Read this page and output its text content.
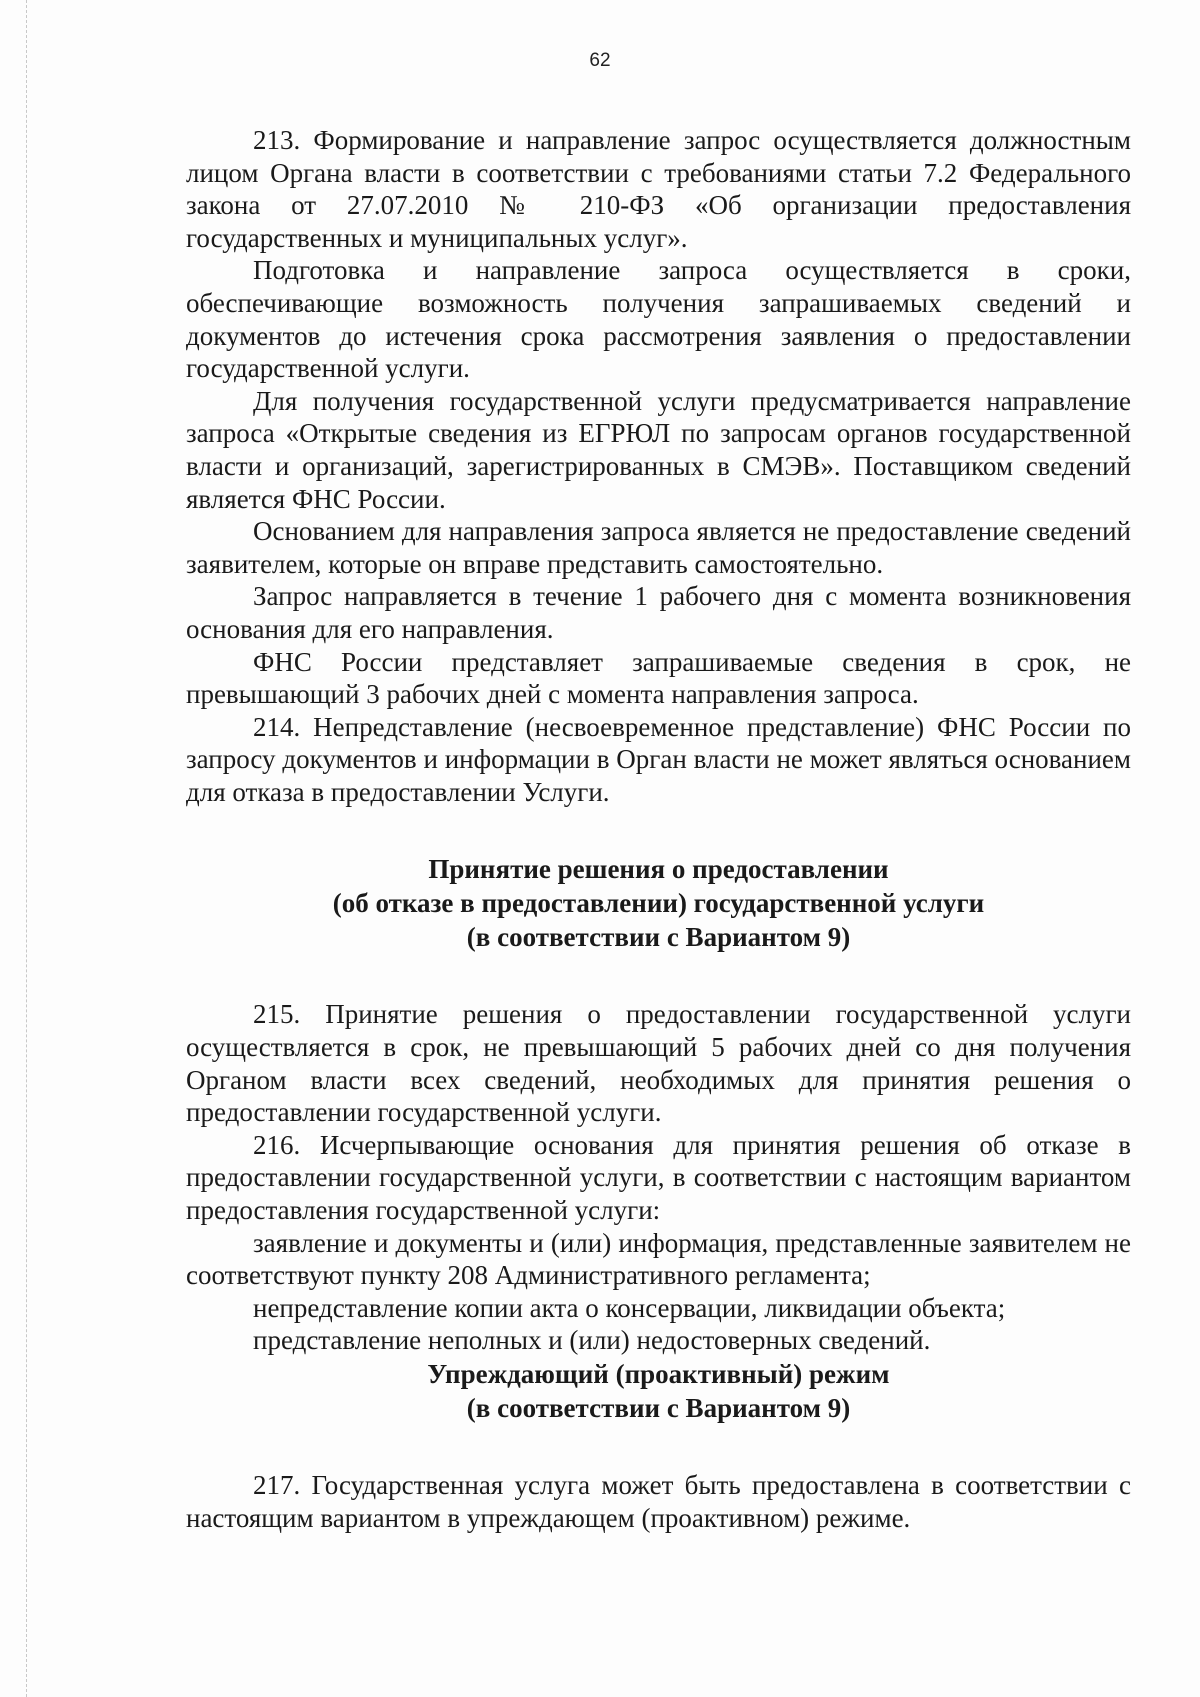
62

213. Формирование и направление запрос осуществляется должностным лицом Органа власти в соответствии с требованиями статьи 7.2 Федерального закона от 27.07.2010 № 210-ФЗ «Об организации предоставления государственных и муниципальных услуг».

Подготовка и направление запроса осуществляется в сроки, обеспечивающие возможность получения запрашиваемых сведений и документов до истечения срока рассмотрения заявления о предоставлении государственной услуги.

Для получения государственной услуги предусматривается направление запроса «Открытые сведения из ЕГРЮЛ по запросам органов государственной власти и организаций, зарегистрированных в СМЭВ». Поставщиком сведений является ФНС России.

Основанием для направления запроса является не предоставление сведений заявителем, которые он вправе представить самостоятельно.

Запрос направляется в течение 1 рабочего дня с момента возникновения основания для его направления.

ФНС России представляет запрашиваемые сведения в срок, не превышающий 3 рабочих дней с момента направления запроса.

214. Непредставление (несвоевременное представление) ФНС России по запросу документов и информации в Орган власти не может являться основанием для отказа в предоставлении Услуги.

Принятие решения о предоставлении

(об отказе в предоставлении) государственной услуги

(в соответствии с Вариантом 9)

215. Принятие решения о предоставлении государственной услуги осуществляется в срок, не превышающий 5 рабочих дней со дня получения Органом власти всех сведений, необходимых для принятия решения о предоставлении государственной услуги.

216. Исчерпывающие основания для принятия решения об отказе в предоставлении государственной услуги, в соответствии с настоящим вариантом предоставления государственной услуги:

заявление и документы и (или) информация, представленные заявителем не соответствуют пункту 208 Административного регламента;

непредставление копии акта о консервации, ликвидации объекта;

представление неполных и (или) недостоверных сведений.

Упреждающий (проактивный) режим

(в соответствии с Вариантом 9)

217. Государственная услуга может быть предоставлена в соответствии с настоящим вариантом в упреждающем (проактивном) режиме.
